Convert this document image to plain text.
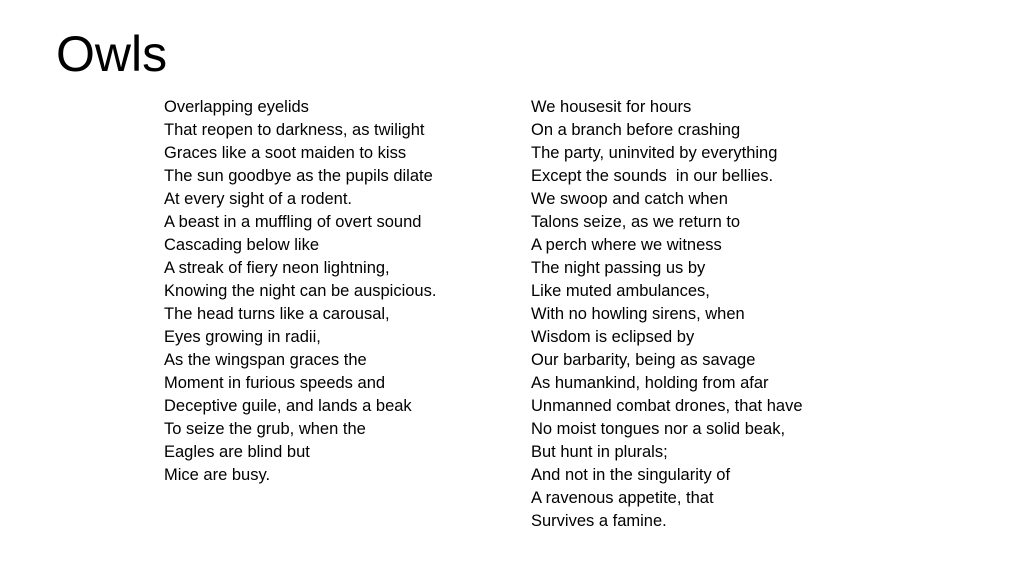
Owls
Overlapping eyelids
That reopen to darkness, as twilight
Graces like a soot maiden to kiss
The sun goodbye as the pupils dilate
At every sight of a rodent.
A beast in a muffling of overt sound
Cascading below like
A streak of fiery neon lightning,
Knowing the night can be auspicious.
The head turns like a carousal,
Eyes growing in radii,
As the wingspan graces the
Moment in furious speeds and
Deceptive guile, and lands a beak
To seize the grub, when the
Eagles are blind but
Mice are busy.
We housesit for hours
On a branch before crashing
The party, uninvited by everything
Except the sounds  in our bellies.
We swoop and catch when
Talons seize, as we return to
A perch where we witness
The night passing us by
Like muted ambulances,
With no howling sirens, when
Wisdom is eclipsed by
Our barbarity, being as savage
As humankind, holding from afar
Unmanned combat drones, that have
No moist tongues nor a solid beak,
But hunt in plurals;
And not in the singularity of
A ravenous appetite, that
Survives a famine.
